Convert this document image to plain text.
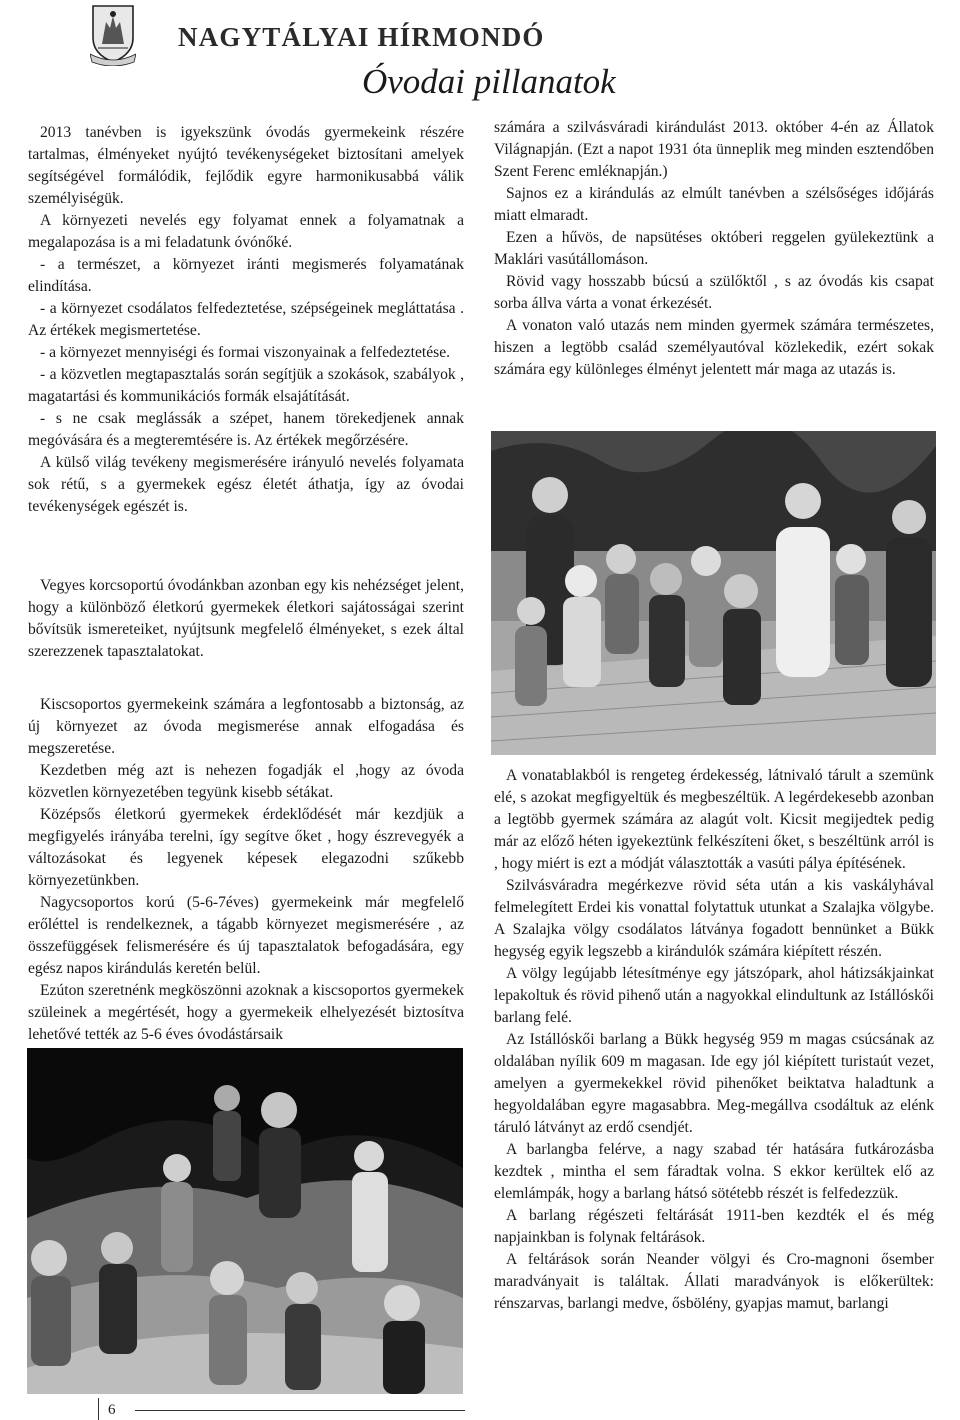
NAGYTÁLYAI HÍRMONDÓ
Óvodai pillanatok

2013 tanévben is igyekszünk óvodás gyermekeink részére tartalmas, élményeket nyújtó tevékenységeket biztosítani amelyek segítségével formálódik, fejlődik egyre harmonikusabbá válik személyiségük.

A környezeti nevelés egy folyamat ennek a folyamatnak a megalapozása is a mi feladatunk óvónőké.

- a természet, a környezet iránti megismerés folyamatának elindítása.

- a környezet csodálatos felfedeztetése, szépségeinek megláttatása . Az értékek megismertetése.

- a környezet mennyiségi és formai viszonyainak a felfedeztetése.

- a közvetlen megtapasztalás során segítjük a szokások, szabályok , magatartási és kommunikációs formák elsajátítását.

- s ne csak meglássák a szépet, hanem törekedjenek annak megóvására és a megteremtésére is. Az értékek megőrzésére.

A külső világ tevékeny megismerésére irányuló nevelés folyamata sok rétű, s a gyermekek egész életét áthatja, így az óvodai tevékenységek egészét is.

Vegyes korcsoportú óvodánkban azonban egy kis nehézséget jelent, hogy a különböző életkorú gyermekek életkori sajátosságai szerint bővítsük ismereteiket, nyújtsunk megfelelő élményeket, s ezek által szerezzenek tapasztalatokat.

Kiscsoportos gyermekeink számára a legfontosabb a biztonság, az új környezet az óvoda megismerése annak elfogadása és megszeretése.

Kezdetben még azt is nehezen fogadják el ,hogy az óvoda közvetlen környezetében tegyünk kisebb sétákat.

Középsős életkorú gyermekek érdeklődését már kezdjük a megfigyelés irányába terelni, így segítve őket , hogy észrevegyék a változásokat és legyenek képesek elegazodni szűkebb környezetünkben.

Nagycsoportos korú (5-6-7éves) gyermekeink már megfelelő erőléttel is rendelkeznek, a tágabb környezet megismerésére , az összefüggések felismerésére és új tapasztalatok befogadására, egy egész napos kirándulás keretén belül.

Ezúton szeretnénk megköszönni azoknak a kiscsoportos gyermekek szüleinek a megértését, hogy a gyermekeik elhelyezését biztosítva lehetővé tették az 5-6 éves óvodástársaik

számára a szilvásváradi kirándulást 2013. október 4-én az Állatok Világnapján. (Ezt a napot 1931 óta ünneplik meg minden esztendőben Szent Ferenc emléknapján.)

Sajnos ez a kirándulás az elmúlt tanévben a szélsőséges időjárás miatt elmaradt.

Ezen a hűvös, de napsütéses októberi reggelen gyülekeztünk a Maklári vasútállomáson.

Rövid vagy hosszabb búcsú a szülőktől , s az óvodás kis csapat sorba állva várta a vonat érkezését.

A vonaton való utazás nem minden gyermek számára természetes, hiszen a legtöbb család személyautóval közlekedik, ezért sokak számára egy különleges élményt jelentett már maga az utazás is.

A vonatablakból is rengeteg érdekesség, látnivaló tárult a szemünk elé, s azokat megfigyeltük és megbeszéltük. A legérdekesebb azonban a legtöbb gyermek számára az alagút volt. Kicsit megijedtek pedig már az előző héten igyekeztünk felkészíteni őket, s beszéltünk arról is , hogy miért is ezt a módját választották a vasúti pálya építésének.

Szilvásváradra megérkezve rövid séta után a kis vaskályhával felmelegített Erdei kis vonattal folytattuk utunkat a Szalajka völgybe. A Szalajka völgy csodálatos látványa fogadott bennünket a Bükk hegység egyik legszebb a kirándulók számára kiépített részén.

A völgy legújabb létesítménye egy játszópark, ahol hátizsákjainkat lepakoltuk és rövid pihenő után a nagyokkal elindultunk az Istállóskői barlang felé.

Az Istállóskői barlang a Bükk hegység 959 m magas csúcsának az oldalában nyílik 609 m magasan. Ide egy jól kiépített turistaút vezet, amelyen a gyermekekkel rövid pihenőket beiktatva haladtunk a hegyoldalában egyre magasabbra. Meg-megállva csodáltuk az elénk táruló látványt az erdő csendjét.

A barlangba felérve, a nagy szabad tér hatására futkározásba kezdtek , mintha el sem fáradtak volna. S ekkor kerültek elő az elemlámpák, hogy a barlang hátsó sötétebb részét is felfedezzük.

A barlang régészeti feltárását 1911-ben kezdték el és még napjainkban is folynak feltárások.

A feltárások során Neander völgyi és Cro-magnoni ősember maradványait is találtak. Állati maradványok is előkerültek: rénszarvas, barlangi medve, ősbölény, gyapjas mamut, barlangi

6
